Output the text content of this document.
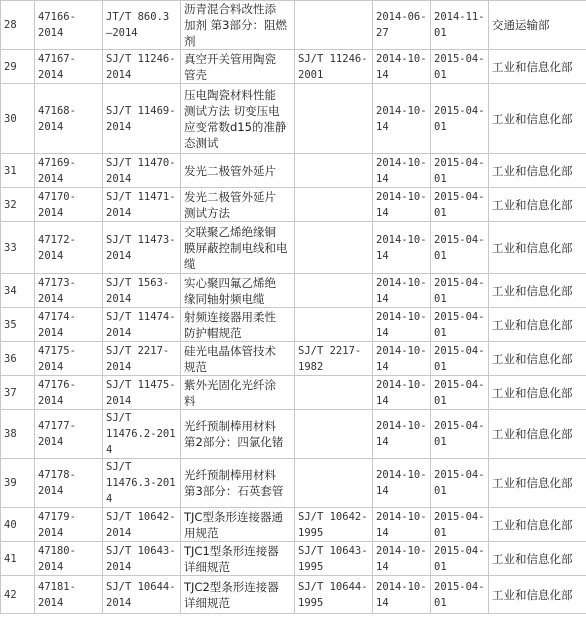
28	47166-
2014	JT/T 860.3
—2014	沥青混合料改性添
加剂 第3部分：阻燃
剂		2014-06-
27	2014-11-
01	交通运输部
29	47167-
2014	SJ/T 11246-
2014	真空开关管用陶瓷
管壳	SJ/T 11246-
2001	2014-10-
14	2015-04-
01	工业和信息化部
30	47168-
2014	SJ/T 11469-
2014	压电陶瓷材料性能
测试方法 切变压电
应变常数d15的准静
态测试		2014-10-
14	2015-04-
01	工业和信息化部
31	47169-
2014	SJ/T 11470-
2014	发光二极管外延片		2014-10-
14	2015-04-
01	工业和信息化部
32	47170-
2014	SJ/T 11471-
2014	发光二极管外延片
测试方法		2014-10-
14	2015-04-
01	工业和信息化部
33	47172-
2014	SJ/T 11473-
2014	交联聚乙烯绝缘铜
膜屏蔽控制电线和电
缆		2014-10-
14	2015-04-
01	工业和信息化部
34	47173-
2014	SJ/T 1563-
2014	实心聚四氟乙烯绝
缘同轴射频电缆		2014-10-
14	2015-04-
01	工业和信息化部
35	47174-
2014	SJ/T 11474-
2014	射频连接器用柔性
防护帽规范		2014-10-
14	2015-04-
01	工业和信息化部
36	47175-
2014	SJ/T 2217-
2014	硅光电晶体管技术
规范	SJ/T 2217-
1982	2014-10-
14	2015-04-
01	工业和信息化部
37	47176-
2014	SJ/T 11475-
2014	紫外光固化光纤涂
料		2014-10-
14	2015-04-
01	工业和信息化部
38	47177-
2014	SJ/T
11476.2-2014	光纤预制棒用材料
第2部分：四氯化锗		2014-10-
14	2015-04-
01	工业和信息化部
39	47178-
2014	SJ/T
11476.3-2014	光纤预制棒用材料
第3部分：石英套管		2014-10-
14	2015-04-
01	工业和信息化部
40	47179-
2014	SJ/T 10642-
2014	TJC型条形连接器通
用规范	SJ/T 10642-
1995	2014-10-
14	2015-04-
01	工业和信息化部
41	47180-
2014	SJ/T 10643-
2014	TJC1型条形连接器
详细规范	SJ/T 10643-
1995	2014-10-
14	2015-04-
01	工业和信息化部
42	47181-
2014	SJ/T 10644-
2014	TJC2型条形连接器
详细规范	SJ/T 10644-
1995	2014-10-
14	2015-04-
01	工业和信息化部
